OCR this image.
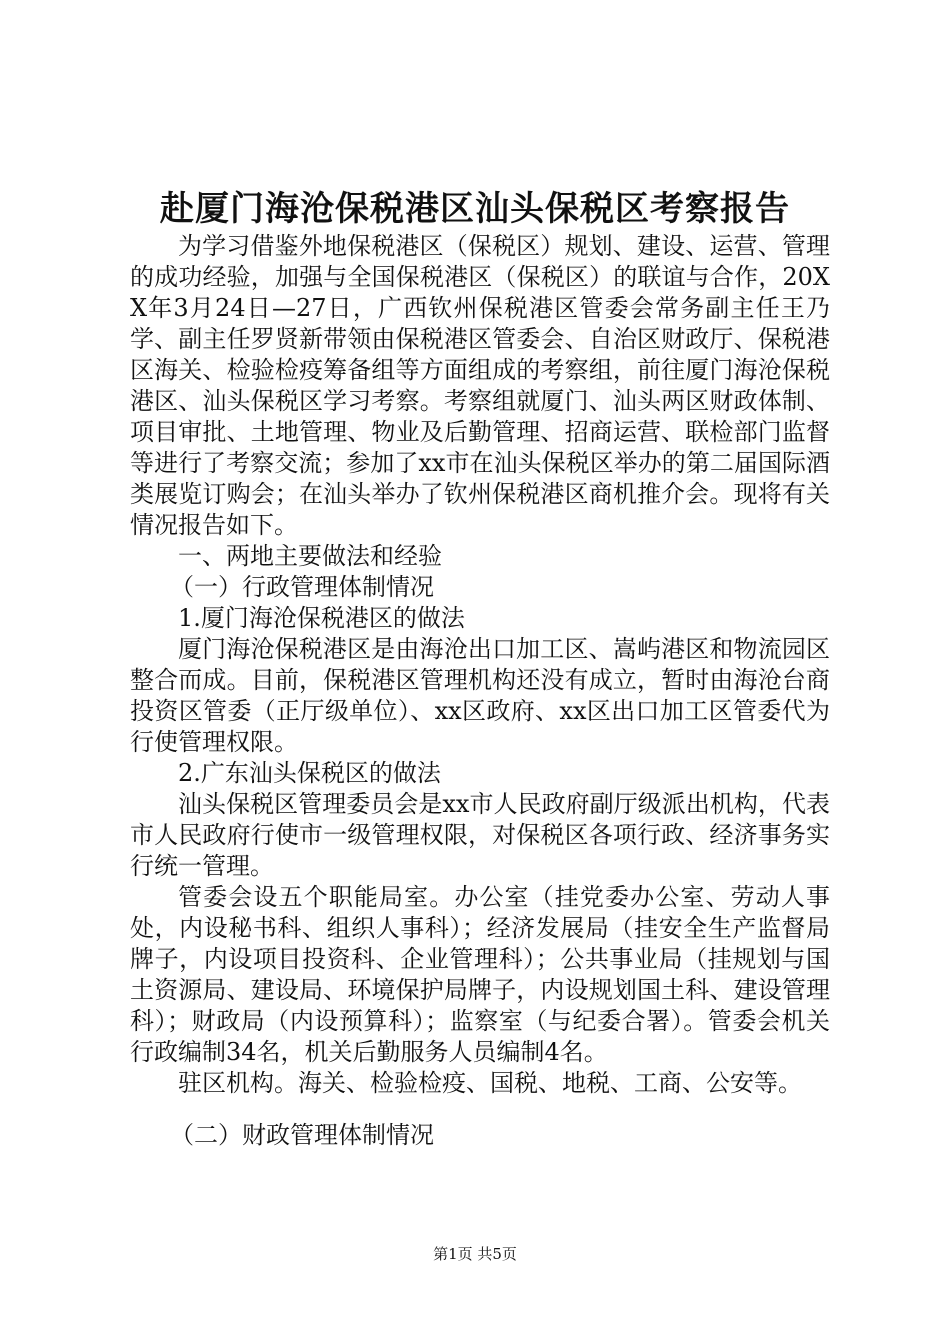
赴厦门海沧保税港区汕头保税区考察报告

为学习借鉴外地保税港区（保税区）规划、建设、运营、管理的成功经验，加强与全国保税港区（保税区）的联谊与合作，20XX年3月24日—27日，广西钦州保税港区管委会常务副主任王乃学、副主任罗贤新带领由保税港区管委会、自治区财政厅、保税港区海关、检验检疫筹备组等方面组成的考察组，前往厦门海沧保税港区、汕头保税区学习考察。考察组就厦门、汕头两区财政体制、项目审批、土地管理、物业及后勤管理、招商运营、联检部门监督等进行了考察交流；参加了xx市在汕头保税区举办的第二届国际酒类展览订购会；在汕头举办了钦州保税港区商机推介会。现将有关情况报告如下。

一、两地主要做法和经验

（一）行政管理体制情况

1.厦门海沧保税港区的做法

厦门海沧保税港区是由海沧出口加工区、嵩屿港区和物流园区整合而成。目前，保税港区管理机构还没有成立，暂时由海沧台商投资区管委（正厅级单位）、xx区政府、xx区出口加工区管委代为行使管理权限。

2.广东汕头保税区的做法

汕头保税区管理委员会是xx市人民政府副厅级派出机构，代表市人民政府行使市一级管理权限，对保税区各项行政、经济事务实行统一管理。

管委会设五个职能局室。办公室（挂党委办公室、劳动人事处，内设秘书科、组织人事科）；经济发展局（挂安全生产监督局牌子，内设项目投资科、企业管理科）；公共事业局（挂规划与国土资源局、建设局、环境保护局牌子，内设规划国土科、建设管理科）；财政局（内设预算科）；监察室（与纪委合署）。管委会机关行政编制34名，机关后勤服务人员编制4名。

驻区机构。海关、检验检疫、国税、地税、工商、公安等。

（二）财政管理体制情况

第1页 共5页
